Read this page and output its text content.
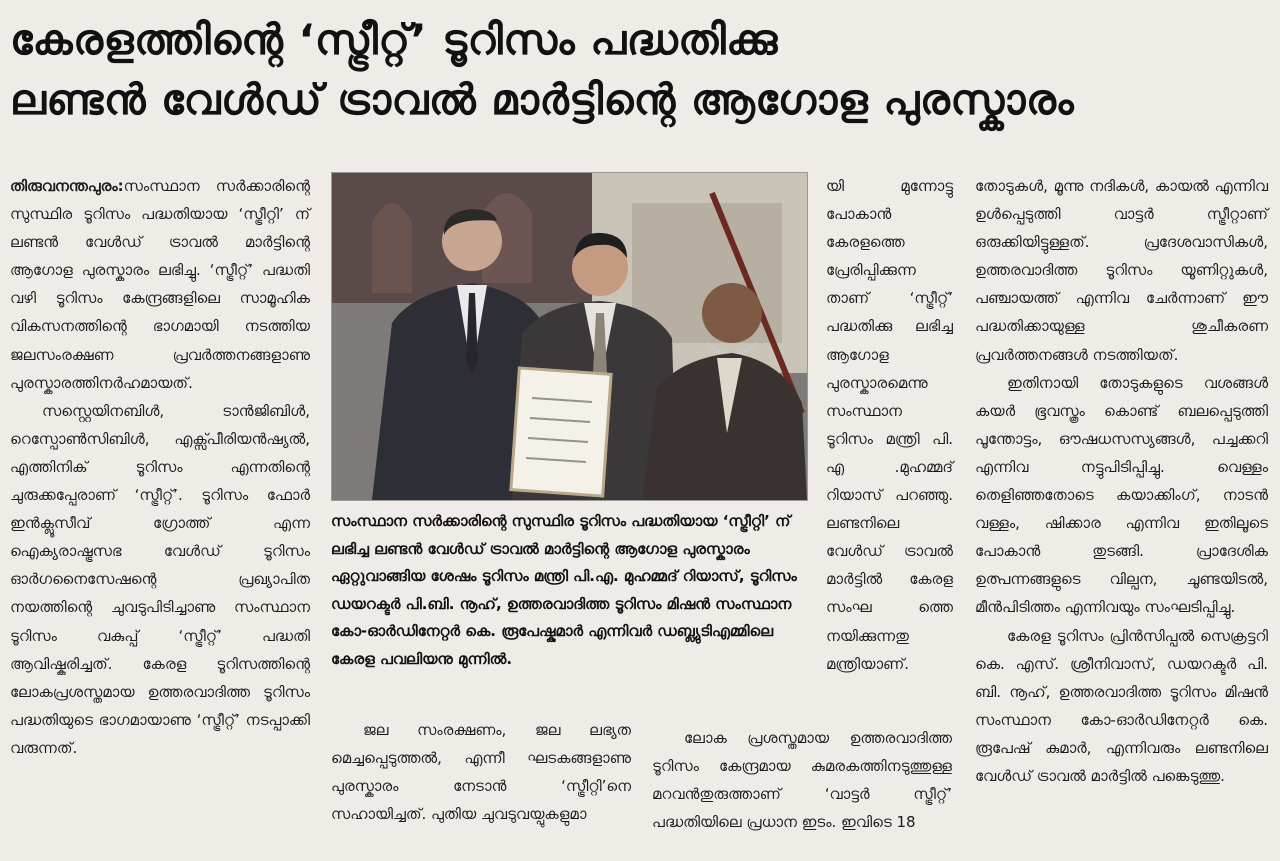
കേരളത്തിന്റെ ‘സ്ട്രീറ്റ്’ ടൂറിസം പദ്ധതിക്കു
ലണ്ടൻ വേൾഡ് ട്രാവൽ മാർട്ടിന്റെ ആഗോള പുരസ്കാരം

തിരുവനന്തപുരം:സംസ്ഥാന സർക്കാരിന്റെ സുസ്ഥിര ടൂറിസം പദ്ധതിയായ ‘സ്ട്രീറ്റി’ ന് ലണ്ടൻ വേൾഡ് ട്രാവൽ മാർട്ടിന്റെ ആഗോള പുരസ്കാരം ലഭിച്ചു. ‘സ്ട്രീറ്റ്’ പദ്ധതി വഴി ടൂറിസം കേന്ദ്രങ്ങളിലെ സാമൂഹിക വികസനത്തിന്റെ ഭാഗമായി നടത്തിയ ജലസംരക്ഷണ പ്രവർത്തനങ്ങളാണു പുരസ്കാരത്തിനർഹമായത്.

സസ്റ്റെയിനബിൾ, ടാൻജിബിൾ, റെസ്പോൺസിബിൾ, എക്സ്പീരിയൻഷ്യൽ, എത്തിനിക് ടൂറിസം എന്നതിന്റെ ചുരുക്കപ്പേരാണ് ‘സ്ട്രീറ്റ്’. ടൂറിസം ഫോർ ഇൻക്ലൂസീവ് ഗ്രോത്ത് എന്ന ഐക്യരാഷ്ട്രസഭ വേൾഡ് ടൂറിസം ഓർഗനൈസേഷന്റെ പ്രഖ്യാപിത നയത്തിന്റെ ചുവടുപിടിച്ചാണു സംസ്ഥാന ടൂറിസം വകുപ്പ് ‘സ്ട്രീറ്റ്’ പദ്ധതി ആവിഷ്കരിച്ചത്. കേരള ടൂറിസത്തിന്റെ ലോകപ്രശസ്തമായ ഉത്തരവാദിത്ത ടൂറിസം പദ്ധതിയുടെ ഭാഗമായാണു ‘സ്ട്രീറ്റ്’ നടപ്പാക്കി വരുന്നത്.

സംസ്ഥാന സർക്കാരിന്റെ സുസ്ഥിര ടൂറിസം പദ്ധതിയായ ‘സ്ട്രീറ്റി’ ന് ലഭിച്ച ലണ്ടൻ വേൾഡ് ട്രാവൽ മാർട്ടിന്റെ ആഗോള പുരസ്കാരം ഏറ്റുവാങ്ങിയ ശേഷം ടൂറിസം മന്ത്രി പി.എ. മുഹമ്മദ് റിയാസ്, ടൂറിസം ഡയറക്ടർ പി.ബി. നൂഹ്, ഉത്തരവാദിത്ത ടൂറിസം മിഷൻ സംസ്ഥാന കോ-ഓർഡിനേറ്റർ കെ. രൂപേഷ്കുമാർ എന്നിവർ ഡബ്ല്യുടിഎമ്മിലെ കേരള പവലിയനു മുന്നിൽ.
ജല സംരക്ഷണം, ജല ലഭ്യത മെച്ചപ്പെടുത്തൽ, എന്നീ ഘടകങ്ങളാണു പുരസ്കാരം നേടാൻ ‘സ്ട്രീറ്റി’നെ സഹായിച്ചത്. പുതിയ ചുവടുവയ്പുകളുമാ
യി മുന്നോട്ടു പോകാൻ കേരളത്തെ പ്രേരിപ്പിക്കുന്ന താണ് ‘സ്ട്രീറ്റ്’ പദ്ധതിക്കു ലഭിച്ച ആഗോള പുരസ്കാരമെന്നു സംസ്ഥാന ടൂറിസം മന്ത്രി പി. എ .മുഹമ്മദ് റിയാസ് പറഞ്ഞു. ലണ്ടനിലെ വേൾഡ് ട്രാവൽ മാർട്ടിൽ കേരള സംഘ ത്തെ നയിക്കുന്നതു മന്ത്രിയാണ്.
ലോക പ്രശസ്തമായ ഉത്തരവാദിത്ത ടൂറിസം കേന്ദ്രമായ കുമരകത്തിനടുത്തുള്ള മറവൻതുരുത്താണ് ‘വാട്ടർ സ്ട്രീറ്റ്’ പദ്ധതിയിലെ പ്രധാന ഇടം. ഇവിടെ 18

തോടുകൾ, മൂന്നു നദികൾ, കായൽ എന്നിവ ഉൾപ്പെടുത്തി വാട്ടർ സ്ട്രീറ്റാണ് ഒരുക്കിയിട്ടുള്ളത്. പ്രദേശവാസികൾ, ഉത്തരവാദിത്ത ടൂറിസം യൂണിറ്റുകൾ, പഞ്ചായത്ത് എന്നിവ ചേർന്നാണ് ഈ പദ്ധതിക്കായുള്ള ശുചീകരണ പ്രവർത്തനങ്ങൾ നടത്തിയത്.

ഇതിനായി തോടുകളുടെ വശങ്ങൾ കയർ ഭൂവസ്ത്രം കൊണ്ട് ബലപ്പെടുത്തി പൂന്തോട്ടം, ഔഷധസസ്യങ്ങൾ, പച്ചക്കറി എന്നിവ നട്ടുപിടിപ്പിച്ചു. വെള്ളം തെളിഞ്ഞതോടെ കയാക്കിംഗ്, നാടൻ വള്ളം, ഷിക്കാര എന്നിവ ഇതിലൂടെ പോകാൻ തുടങ്ങി. പ്രാദേശിക ഉത്പന്നങ്ങളുടെ വില്പന, ചൂണ്ടയിടൽ, മീൻപിടിത്തം എന്നിവയും സംഘടിപ്പിച്ചു.

കേരള ടൂറിസം പ്രിൻസിപ്പൽ സെക്രട്ടറി കെ. എസ്. ശ്രീനിവാസ്, ഡയറക്ടർ പി. ബി. നൂഹ്, ഉത്തരവാദിത്ത ടൂറിസം മിഷൻ സംസ്ഥാന കോ-ഓർഡിനേറ്റർ കെ. രൂപേഷ് കുമാർ, എന്നിവരും ലണ്ടനിലെ വേൾഡ് ട്രാവൽ മാർട്ടിൽ പങ്കെടുത്തു.
